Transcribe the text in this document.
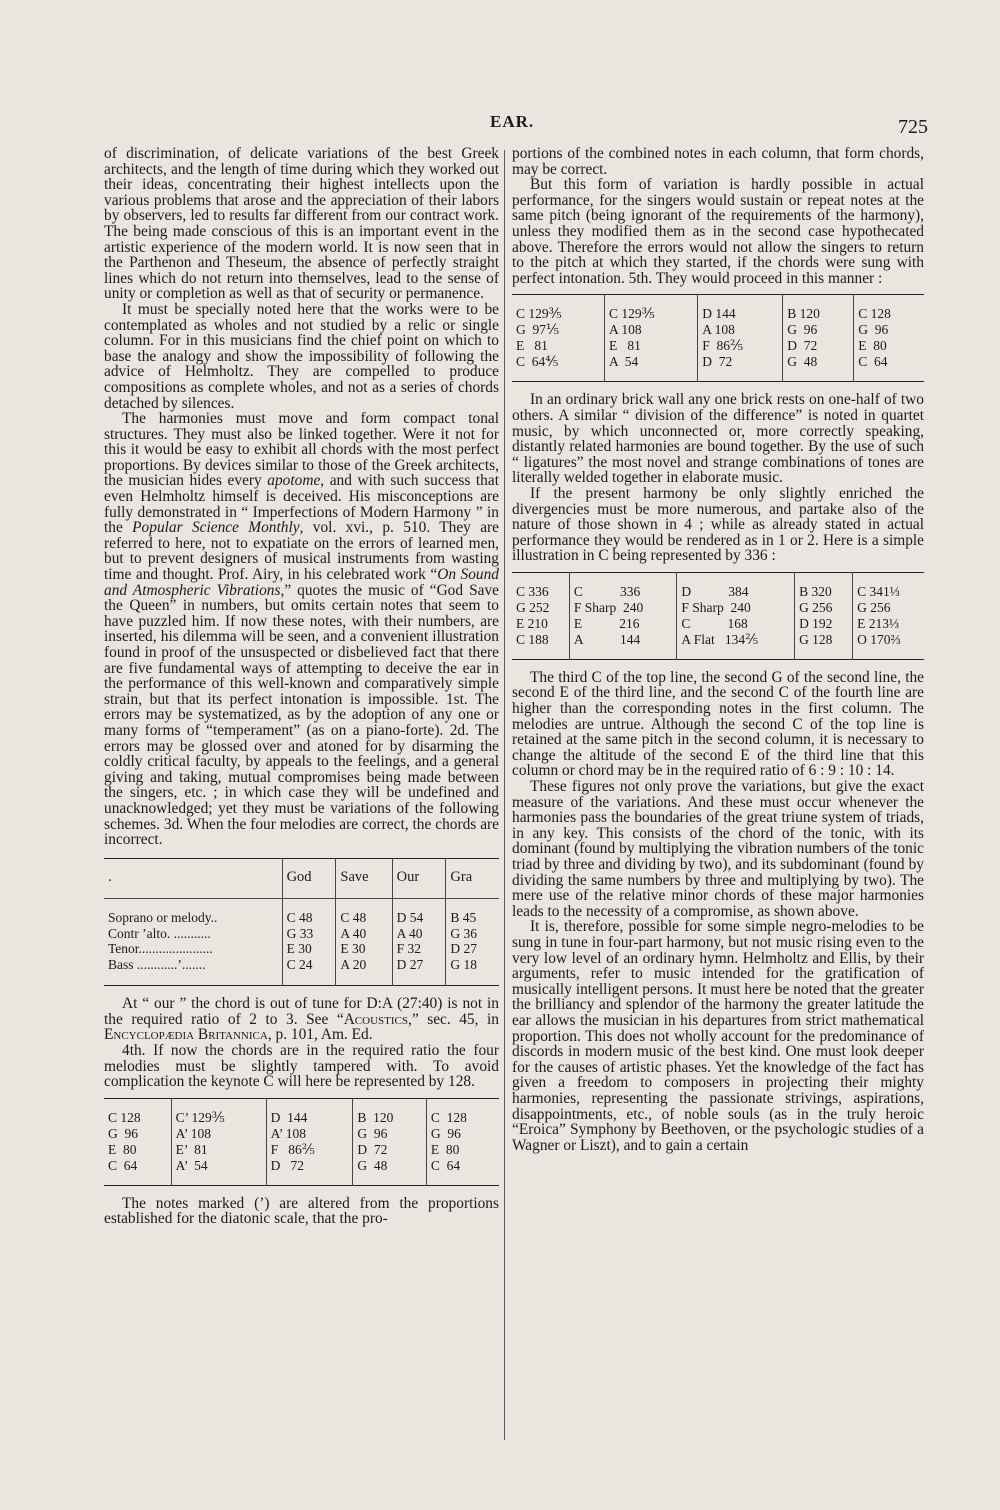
EAR.	725

of discrimination, of delicate variations of the best Greek architects, and the length of time during which they worked out their ideas, concentrating their highest intellects upon the various problems that arose and the appreciation of their labors by observers, led to results far different from our contract work. The being made conscious of this is an important event in the artistic experience of the modern world. It is now seen that in the Parthenon and Theseum, the absence of perfectly straight lines which do not return into themselves, lead to the sense of unity or completion as well as that of security or permanence.

It must be specially noted here that the works were to be contemplated as wholes and not studied by a relic or single column. For in this musicians find the chief point on which to base the analogy and show the impossibility of following the advice of Helmholtz. They are compelled to produce compositions as complete wholes, and not as a series of chords detached by silences.

The harmonies must move and form compact tonal structures. They must also be linked together. Were it not for this it would be easy to exhibit all chords with the most perfect proportions. By devices similar to those of the Greek architects, the musician hides every apotome, and with such success that even Helmholtz himself is deceived. His misconceptions are fully demonstrated in “ Imperfections of Modern Harmony ” in the Popular Science Monthly, vol. xvi., p. 510. They are referred to here, not to expatiate on the errors of learned men, but to prevent designers of musical instruments from wasting time and thought. Prof. Airy, in his celebrated work “On Sound and Atmospheric Vibrations,” quotes the music of “God Save the Queen” in numbers, but omits certain notes that seem to have puzzled him. If now these notes, with their numbers, are inserted, his dilemma will be seen, and a convenient illustration found in proof of the unsuspected or disbelieved fact that there are five fundamental ways of attempting to deceive the ear in the performance of this well-known and comparatively simple strain, but that its perfect intonation is impossible. 1st. The errors may be systematized, as by the adoption of any one or many forms of “temperament” (as on a piano-forte). 2d. The errors may be glossed over and atoned for by disarming the coldly critical faculty, by appeals to the feelings, and a general giving and taking, mutual compromises being made between the singers, etc. ; in which case they will be undefined and unacknowledged; yet they must be variations of the following schemes. 3d. When the four melodies are correct, the chords are incorrect.

.	God	Save	Our	Gra
Soprano or melody..	C 48	C 48	D 54	B 45
Contr ’alto. ...........	G 33	A 40	A 40	G 36
Tenor......................	E 30	E 30	F 32	D 27
Bass ............’.......	C 24	A 20	D 27	G 18

At “ our ” the chord is out of tune for D:A (27:40) is not in the required ratio of 2 to 3. See “Acoustics,” sec. 45, in Encyclopædia Britannica, p. 101, Am. Ed.

4th. If now the chords are in the required ratio the four melodies must be slightly tampered with. To avoid complication the keynote C will here be represented by 128.

C 128	C’ 129⅗	D  144	B  120	C  128
G  96	A’ 108	A’ 108	G  96	G  96
E  80	E’  81	F   86⅖	D  72	E  80
C  64	A’  54	D   72	G  48	C  64

The notes marked (’) are altered from the proportions established for the diatonic scale, that the pro-

portions of the combined notes in each column, that form chords, may be correct.

But this form of variation is hardly possible in actual performance, for the singers would sustain or repeat notes at the same pitch (being ignorant of the requirements of the harmony), unless they modified them as in the second case hypothecated above. Therefore the errors would not allow the singers to return to the pitch at which they started, if the chords were sung with perfect intonation. 5th. They would proceed in this manner :

C 129⅗	C 129⅗	D 144	B 120	C 128
G  97⅕	A 108	A 108	G  96	G  96
E   81	E   81	F  86⅖	D  72	E  80
C  64⅘	A  54	D  72	G  48	C  64

In an ordinary brick wall any one brick rests on one-half of two others. A similar “ division of the difference” is noted in quartet music, by which unconnected or, more correctly speaking, distantly related harmonies are bound together. By the use of such “ ligatures” the most novel and strange combinations of tones are literally welded together in elaborate music.

If the present harmony be only slightly enriched the divergencies must be more numerous, and partake also of the nature of those shown in 4 ; while as already stated in actual performance they would be rendered as in 1 or 2. Here is a simple illustration in C being represented by 336 :

C 336	C           336	D           384	B 320	C 341⅓
G 252	F Sharp  240	F Sharp  240	G 256	G 256
E 210	E           216	C           168	D 192	E 213⅓
C 188	A           144	A Flat   134⅖	G 128	O 170⅔

The third C of the top line, the second G of the second line, the second E of the third line, and the second C of the fourth line are higher than the corresponding notes in the first column. The melodies are untrue. Although the second C of the top line is retained at the same pitch in the second column, it is necessary to change the altitude of the second E of the third line that this column or chord may be in the required ratio of 6 : 9 : 10 : 14.

These figures not only prove the variations, but give the exact measure of the variations. And these must occur whenever the harmonies pass the boundaries of the great triune system of triads, in any key. This consists of the chord of the tonic, with its dominant (found by multiplying the vibration numbers of the tonic triad by three and dividing by two), and its subdominant (found by dividing the same numbers by three and multiplying by two). The mere use of the relative minor chords of these major harmonies leads to the necessity of a compromise, as shown above.

It is, therefore, possible for some simple negro-melodies to be sung in tune in four-part harmony, but not music rising even to the very low level of an ordinary hymn. Helmholtz and Ellis, by their arguments, refer to music intended for the gratification of musically intelligent persons. It must here be noted that the greater the brilliancy and splendor of the harmony the greater latitude the ear allows the musician in his departures from strict mathematical proportion. This does not wholly account for the predominance of discords in modern music of the best kind. One must look deeper for the causes of artistic phases. Yet the knowledge of the fact has given a freedom to composers in projecting their mighty harmonies, representing the passionate strivings, aspirations, disappointments, etc., of noble souls (as in the truly heroic “Eroica” Symphony by Beethoven, or the psychologic studies of a Wagner or Liszt), and to gain a certain
